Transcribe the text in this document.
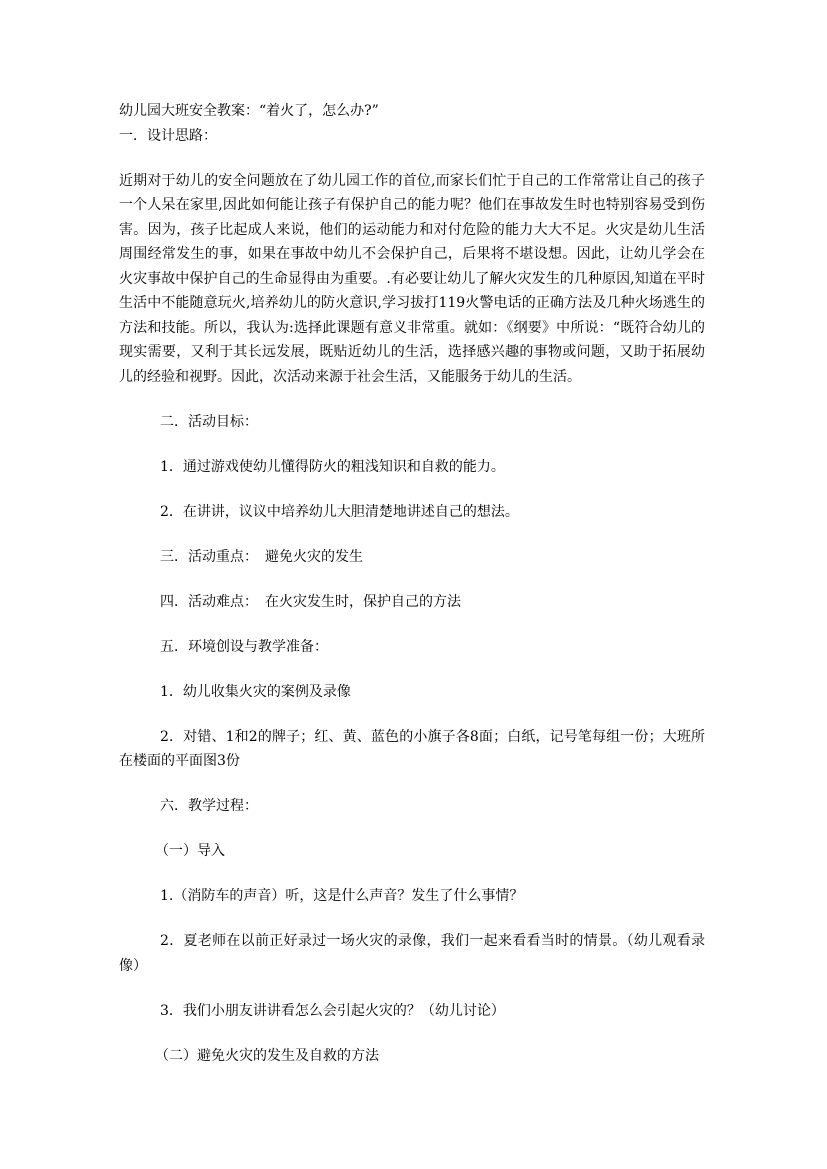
幼儿园大班安全教案：“着火了，怎么办?”

一．设计思路：

近期对于幼儿的安全问题放在了幼儿园工作的首位,而家长们忙于自己的工作常常让自己的孩子一个人呆在家里,因此如何能让孩子有保护自己的能力呢？他们在事故发生时也特别容易受到伤害。因为，孩子比起成人来说，他们的运动能力和对付危险的能力大大不足。火灾是幼儿生活周围经常发生的事，如果在事故中幼儿不会保护自己，后果将不堪设想。因此，让幼儿学会在火灾事故中保护自己的生命显得由为重要。.有必要让幼儿了解火灾发生的几种原因,知道在平时生活中不能随意玩火,培养幼儿的防火意识,学习拔打119火警电话的正确方法及几种火场逃生的方法和技能。所以，我认为:选择此课题有意义非常重。就如：《纲要》中所说：“既符合幼儿的现实需要，又利于其长远发展，既贴近幼儿的生活，选择感兴趣的事物或问题，又助于拓展幼儿的经验和视野。因此，次活动来源于社会生活，又能服务于幼儿的生活。

二．活动目标：

1．通过游戏使幼儿懂得防火的粗浅知识和自救的能力。

2．在讲讲，议议中培养幼儿大胆清楚地讲述自己的想法。

三．活动重点：　避免火灾的发生

四．活动难点：　在火灾发生时，保护自己的方法

五．环境创设与教学准备：

1．幼儿收集火灾的案例及录像

2．对错、1和2的牌子；红、黄、蓝色的小旗子各8面；白纸，记号笔每组一份；大班所在楼面的平面图3份

六．教学过程：

（一）导入

1.（消防车的声音）听，这是什么声音？发生了什么事情？

2．夏老师在以前正好录过一场火灾的录像，我们一起来看看当时的情景。（幼儿观看录像）

3．我们小朋友讲讲看怎么会引起火灾的？（幼儿讨论）

（二）避免火灾的发生及自救的方法
